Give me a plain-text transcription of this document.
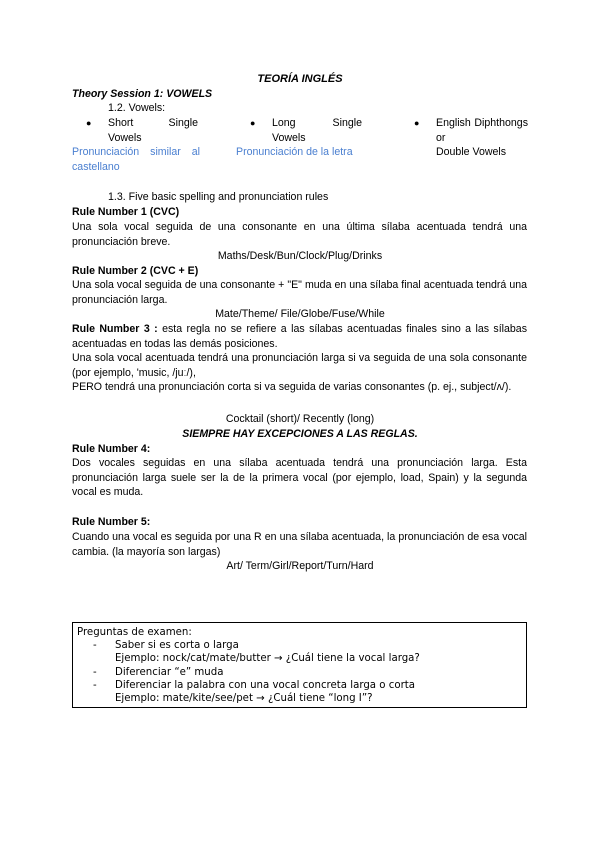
TEORÍA INGLÉS
Theory Session 1: VOWELS
1.2. Vowels:
●	Short Single
Vowels
Pronunciación similar al
castellano
●	Long Single
Vowels
Pronunciación de la letra
●	English Diphthongs or
Double Vowels
1.3. Five basic spelling and pronunciation rules
Rule Number 1 (CVC)
Una sola vocal seguida de una consonante en una última sílaba acentuada tendrá una pronunciación breve.
Maths/Desk/Bun/Clock/Plug/Drinks
Rule Number 2 (CVC + E)
Una sola vocal seguida de una consonante + "E" muda en una sílaba final acentuada tendrá una pronunciación larga.
Mate/Theme/ File/Globe/Fuse/While
Rule Number 3 : esta regla no se refiere a las sílabas acentuadas finales sino a las sílabas acentuadas en todas las demás posiciones.
Una sola vocal acentuada tendrá una pronunciación larga si va seguida de una sola consonante (por ejemplo, 'music, /juː/),
PERO tendrá una pronunciación corta si va seguida de varias consonantes (p. ej., subject/ʌ/).
Cocktail (short)/ Recently (long)
SIEMPRE HAY EXCEPCIONES A LAS REGLAS.
Rule Number 4:
Dos vocales seguidas en una sílaba acentuada tendrá una pronunciación larga. Esta pronunciación larga suele ser la de la primera vocal (por ejemplo, load, Spain) y la segunda vocal es muda.
Rule Number 5:
Cuando una vocal es seguida por una R en una sílaba acentuada, la pronunciación de esa vocal cambia. (la mayoría son largas)
Art/ Term/Girl/Report/Turn/Hard
Preguntas de examen:
-	Saber si es corta o larga
Ejemplo: nock/cat/mate/butter → ¿Cuál tiene la vocal larga?
-	Diferenciar “e” muda
-	Diferenciar la palabra con una vocal concreta larga o corta
Ejemplo: mate/kite/see/pet → ¿Cuál tiene “long I”?
